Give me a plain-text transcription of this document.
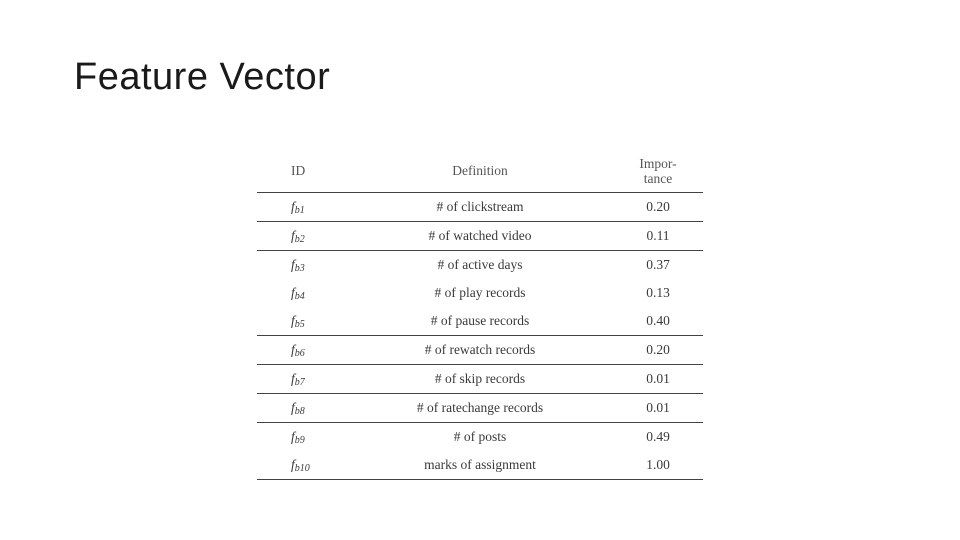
Feature Vector
ID	Definition	Impor-
tance
fb1	# of clickstream	0.20
fb2	# of watched video	0.11
fb3	# of active days	0.37
fb4	# of play records	0.13
fb5	# of pause records	0.40
fb6	# of rewatch records	0.20
fb7	# of skip records	0.01
fb8	# of ratechange records	0.01
fb9	# of posts	0.49
fb10	marks of assignment	1.00
